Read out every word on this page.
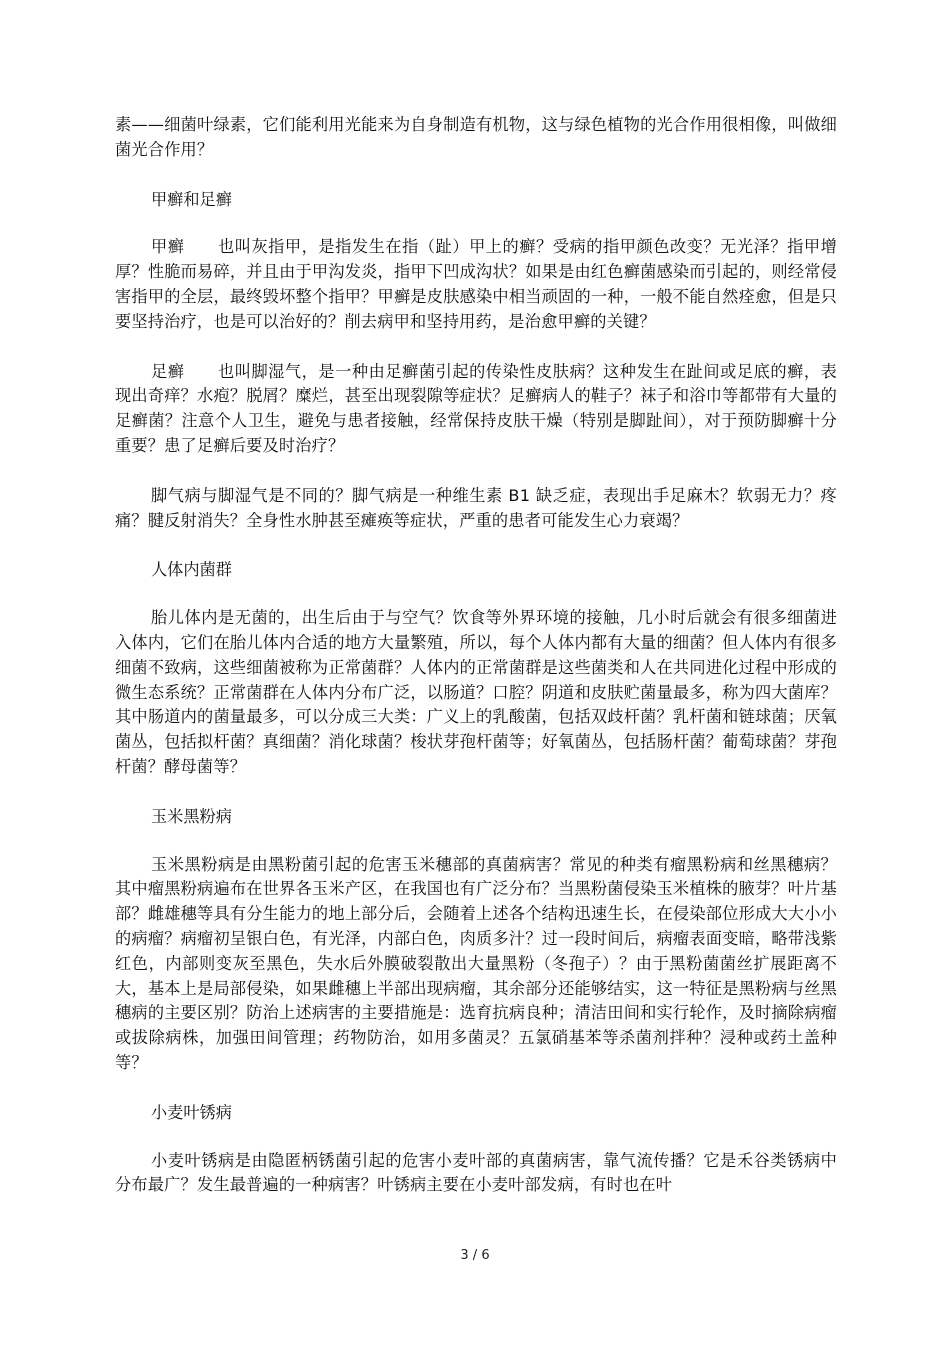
素——细菌叶绿素，它们能利用光能来为自身制造有机物，这与绿色植物的光合作用很相像，叫做细菌光合作用？

甲癣和足癣

甲癣　　也叫灰指甲，是指发生在指（趾）甲上的癣？受病的指甲颜色改变？无光泽？指甲增厚？性脆而易碎，并且由于甲沟发炎，指甲下凹成沟状？如果是由红色癣菌感染而引起的，则经常侵害指甲的全层，最终毁坏整个指甲？甲癣是皮肤感染中相当顽固的一种，一般不能自然痊愈，但是只要坚持治疗，也是可以治好的？削去病甲和坚持用药，是治愈甲癣的关键？

足癣　　也叫脚湿气，是一种由足癣菌引起的传染性皮肤病？这种发生在趾间或足底的癣，表现出奇痒？水疱？脱屑？糜烂，甚至出现裂隙等症状？足癣病人的鞋子？袜子和浴巾等都带有大量的足癣菌？注意个人卫生，避免与患者接触，经常保持皮肤干燥（特别是脚趾间），对于预防脚癣十分重要？患了足癣后要及时治疗？

脚气病与脚湿气是不同的？脚气病是一种维生素 B1 缺乏症，表现出手足麻木？软弱无力？疼痛？腱反射消失？全身性水肿甚至瘫痪等症状，严重的患者可能发生心力衰竭？

人体内菌群

胎儿体内是无菌的，出生后由于与空气？饮食等外界环境的接触，几小时后就会有很多细菌进入体内，它们在胎儿体内合适的地方大量繁殖，所以，每个人体内都有大量的细菌？但人体内有很多细菌不致病，这些细菌被称为正常菌群？人体内的正常菌群是这些菌类和人在共同进化过程中形成的微生态系统？正常菌群在人体内分布广泛，以肠道？口腔？阴道和皮肤贮菌量最多，称为四大菌库？其中肠道内的菌量最多，可以分成三大类：广义上的乳酸菌，包括双歧杆菌？乳杆菌和链球菌；厌氧菌丛，包括拟杆菌？真细菌？消化球菌？梭状芽孢杆菌等；好氧菌丛，包括肠杆菌？葡萄球菌？芽孢杆菌？酵母菌等？

玉米黑粉病

玉米黑粉病是由黑粉菌引起的危害玉米穗部的真菌病害？常见的种类有瘤黑粉病和丝黑穗病？其中瘤黑粉病遍布在世界各玉米产区，在我国也有广泛分布？当黑粉菌侵染玉米植株的腋芽？叶片基部？雌雄穗等具有分生能力的地上部分后，会随着上述各个结构迅速生长，在侵染部位形成大大小小的病瘤？病瘤初呈银白色，有光泽，内部白色，肉质多汁？过一段时间后，病瘤表面变暗，略带浅紫红色，内部则变灰至黑色，失水后外膜破裂散出大量黑粉（冬孢子）？由于黑粉菌菌丝扩展距离不大，基本上是局部侵染，如果雌穗上半部出现病瘤，其余部分还能够结实，这一特征是黑粉病与丝黑穗病的主要区别？防治上述病害的主要措施是：选育抗病良种；清洁田间和实行轮作，及时摘除病瘤或拔除病株，加强田间管理；药物防治，如用多菌灵？五氯硝基苯等杀菌剂拌种？浸种或药土盖种等？

小麦叶锈病

小麦叶锈病是由隐匿柄锈菌引起的危害小麦叶部的真菌病害，靠气流传播？它是禾谷类锈病中分布最广？发生最普遍的一种病害？叶锈病主要在小麦叶部发病，有时也在叶

3 / 6
